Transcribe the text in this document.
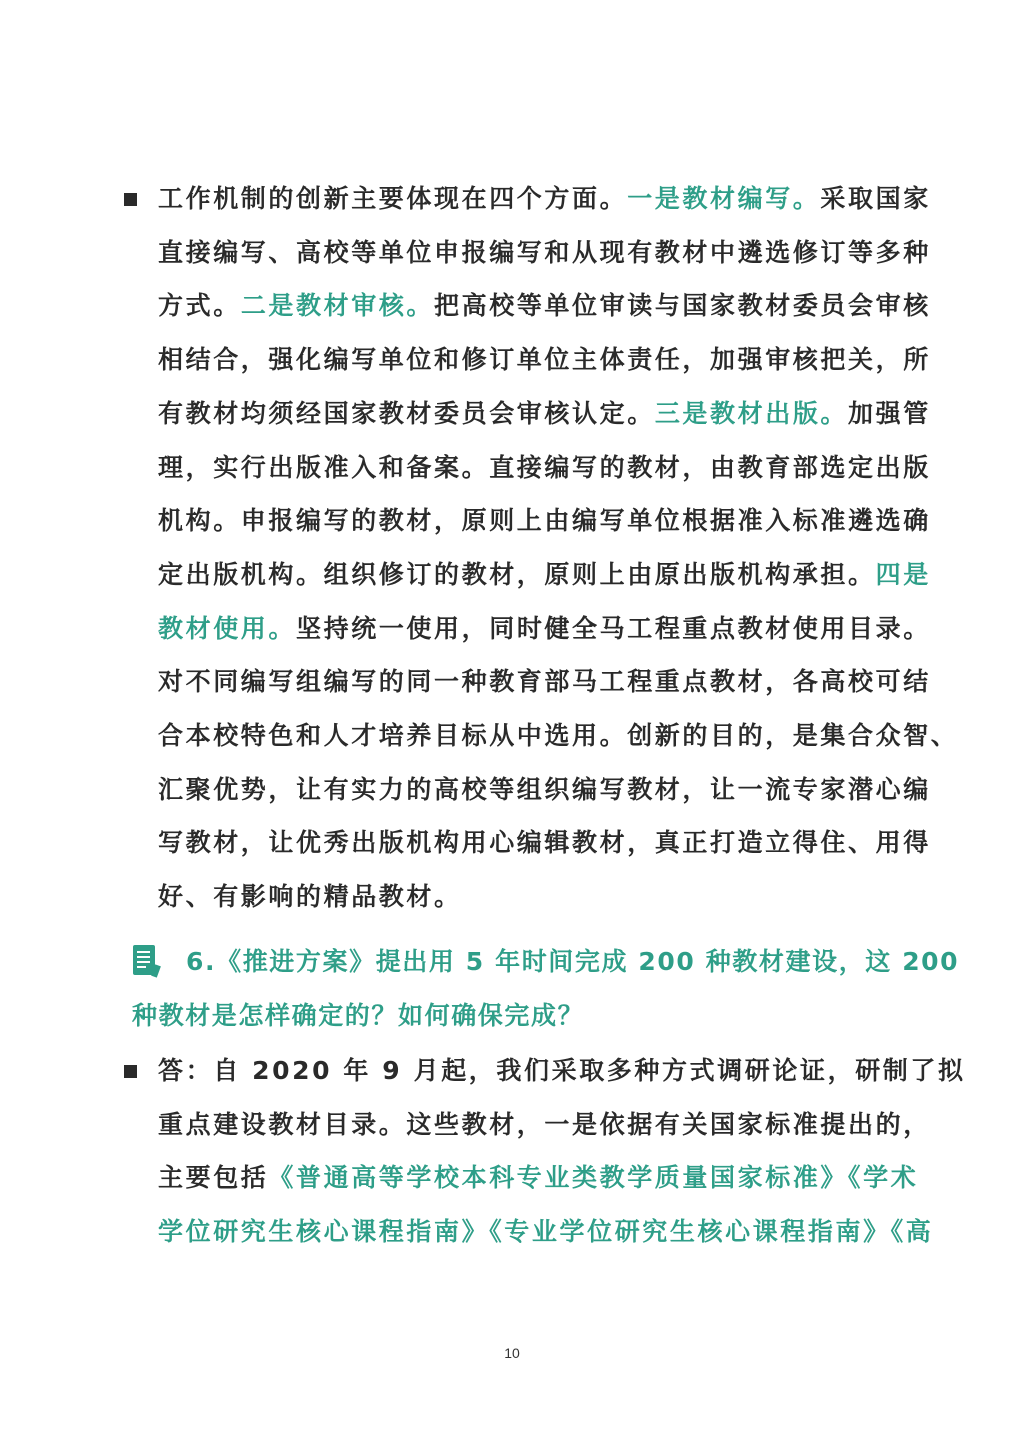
工作机制的创新主要体现在四个方面。一是教材编写。采取国家
直接编写、高校等单位申报编写和从现有教材中遴选修订等多种
方式。二是教材审核。把高校等单位审读与国家教材委员会审核
相结合，强化编写单位和修订单位主体责任，加强审核把关，所
有教材均须经国家教材委员会审核认定。三是教材出版。加强管
理，实行出版准入和备案。直接编写的教材，由教育部选定出版
机构。申报编写的教材，原则上由编写单位根据准入标准遴选确
定出版机构。组织修订的教材，原则上由原出版机构承担。四是
教材使用。坚持统一使用，同时健全马工程重点教材使用目录。
对不同编写组编写的同一种教育部马工程重点教材，各高校可结
合本校特色和人才培养目标从中选用。创新的目的，是集合众智、
汇聚优势，让有实力的高校等组织编写教材，让一流专家潜心编
写教材，让优秀出版机构用心编辑教材，真正打造立得住、用得
好、有影响的精品教材。
6.《推进方案》提出用 5 年时间完成 200 种教材建设，这 200
种教材是怎样确定的？如何确保完成？
答：自 2020 年 9 月起，我们采取多种方式调研论证，研制了拟
重点建设教材目录。这些教材，一是依据有关国家标准提出的，
主要包括《普通高等学校本科专业类教学质量国家标准》《学术
学位研究生核心课程指南》《专业学位研究生核心课程指南》《高
10
